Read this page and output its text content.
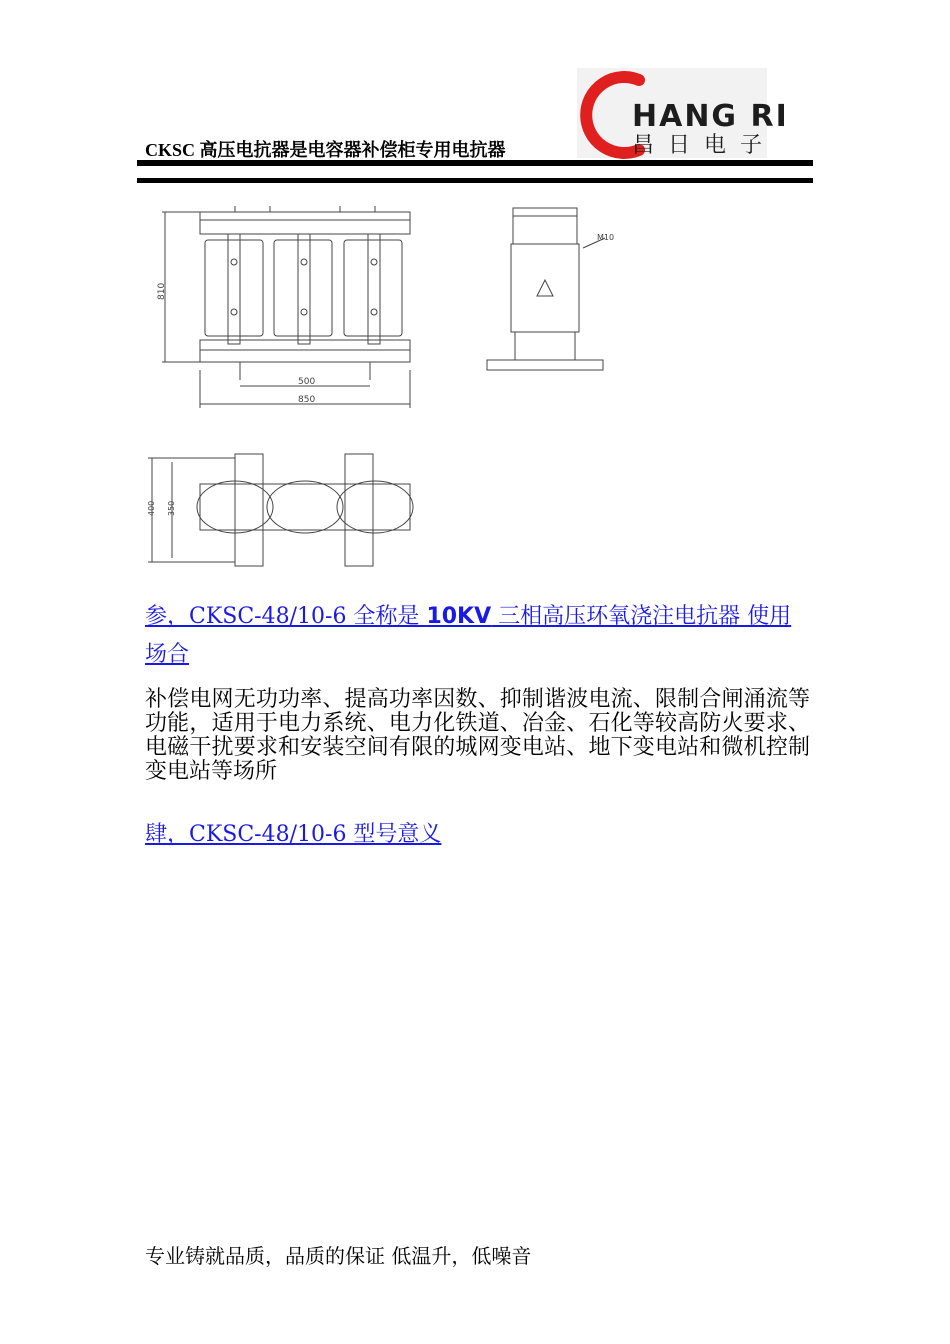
CKSC 高压电抗器是电容器补偿柜专用电抗器
HANG RI
昌日电子
810
500
850
M10
400 350
参，CKSC-48/10-6 全称是 10KV 三相高压环氧浇注电抗器 使用场合
补偿电网无功功率、提高功率因数、抑制谐波电流、限制合闸涌流等功能，适用于电力系统、电力化铁道、冶金、石化等较高防火要求、电磁干扰要求和安装空间有限的城网变电站、地下变电站和微机控制变电站等场所
肆，CKSC-48/10-6 型号意义
专业铸就品质，品质的保证 低温升，低噪音
